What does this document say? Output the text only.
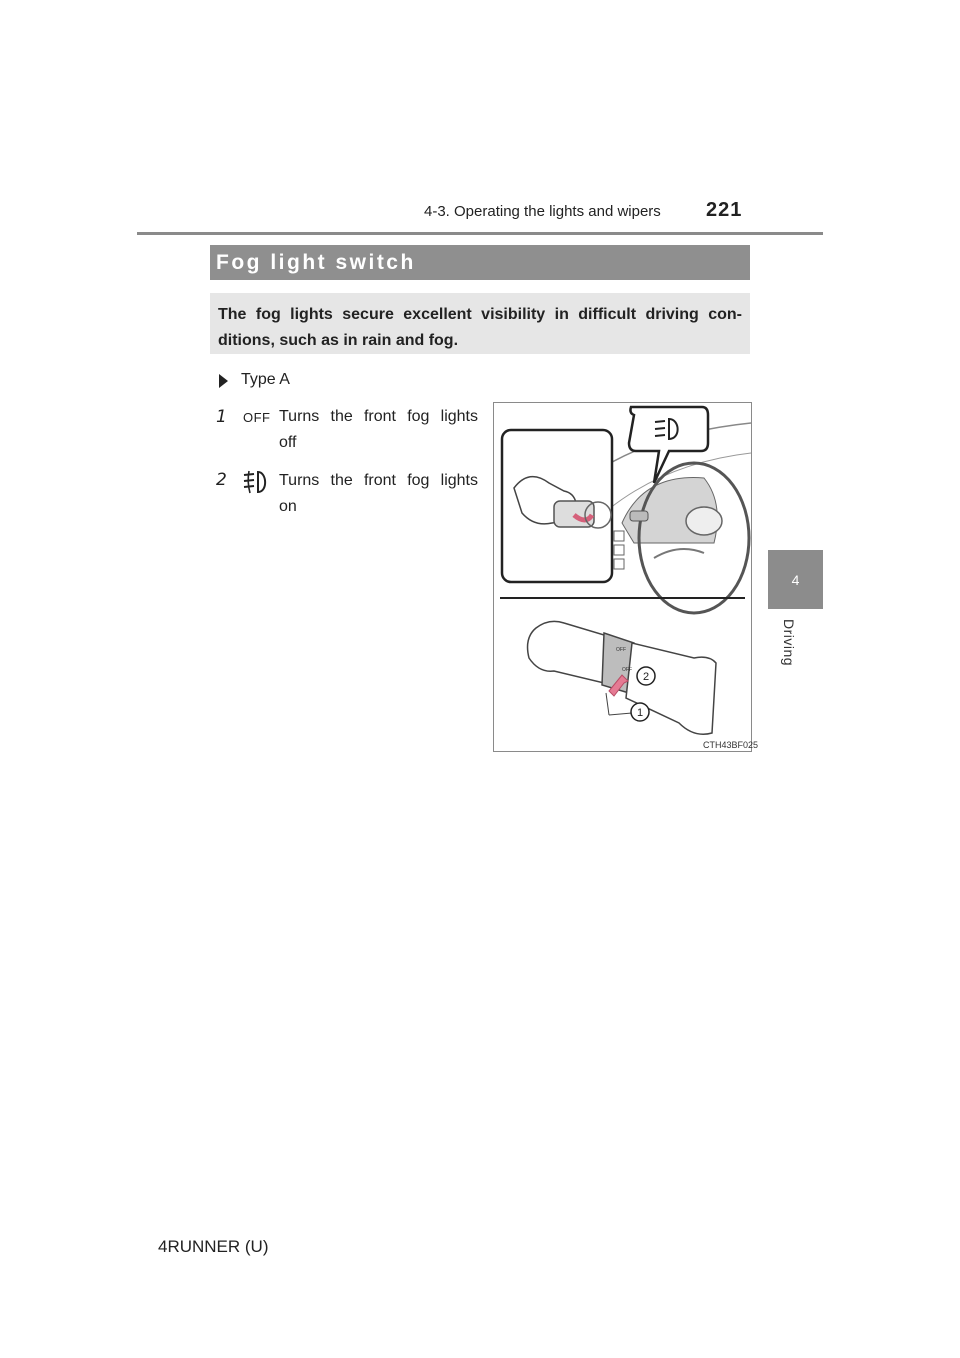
4-3. Operating the lights and wipers 221
4
Driving
Fog light switch
The fog lights secure excellent visibility in difficult driving con-ditions, such as in rain and fog.
Type A
1 OFF Turns the front fog lights
off
2	Turns the front fog lights
on
OFF
OFF
2
1
CTH43BF025
4RUNNER (U)
